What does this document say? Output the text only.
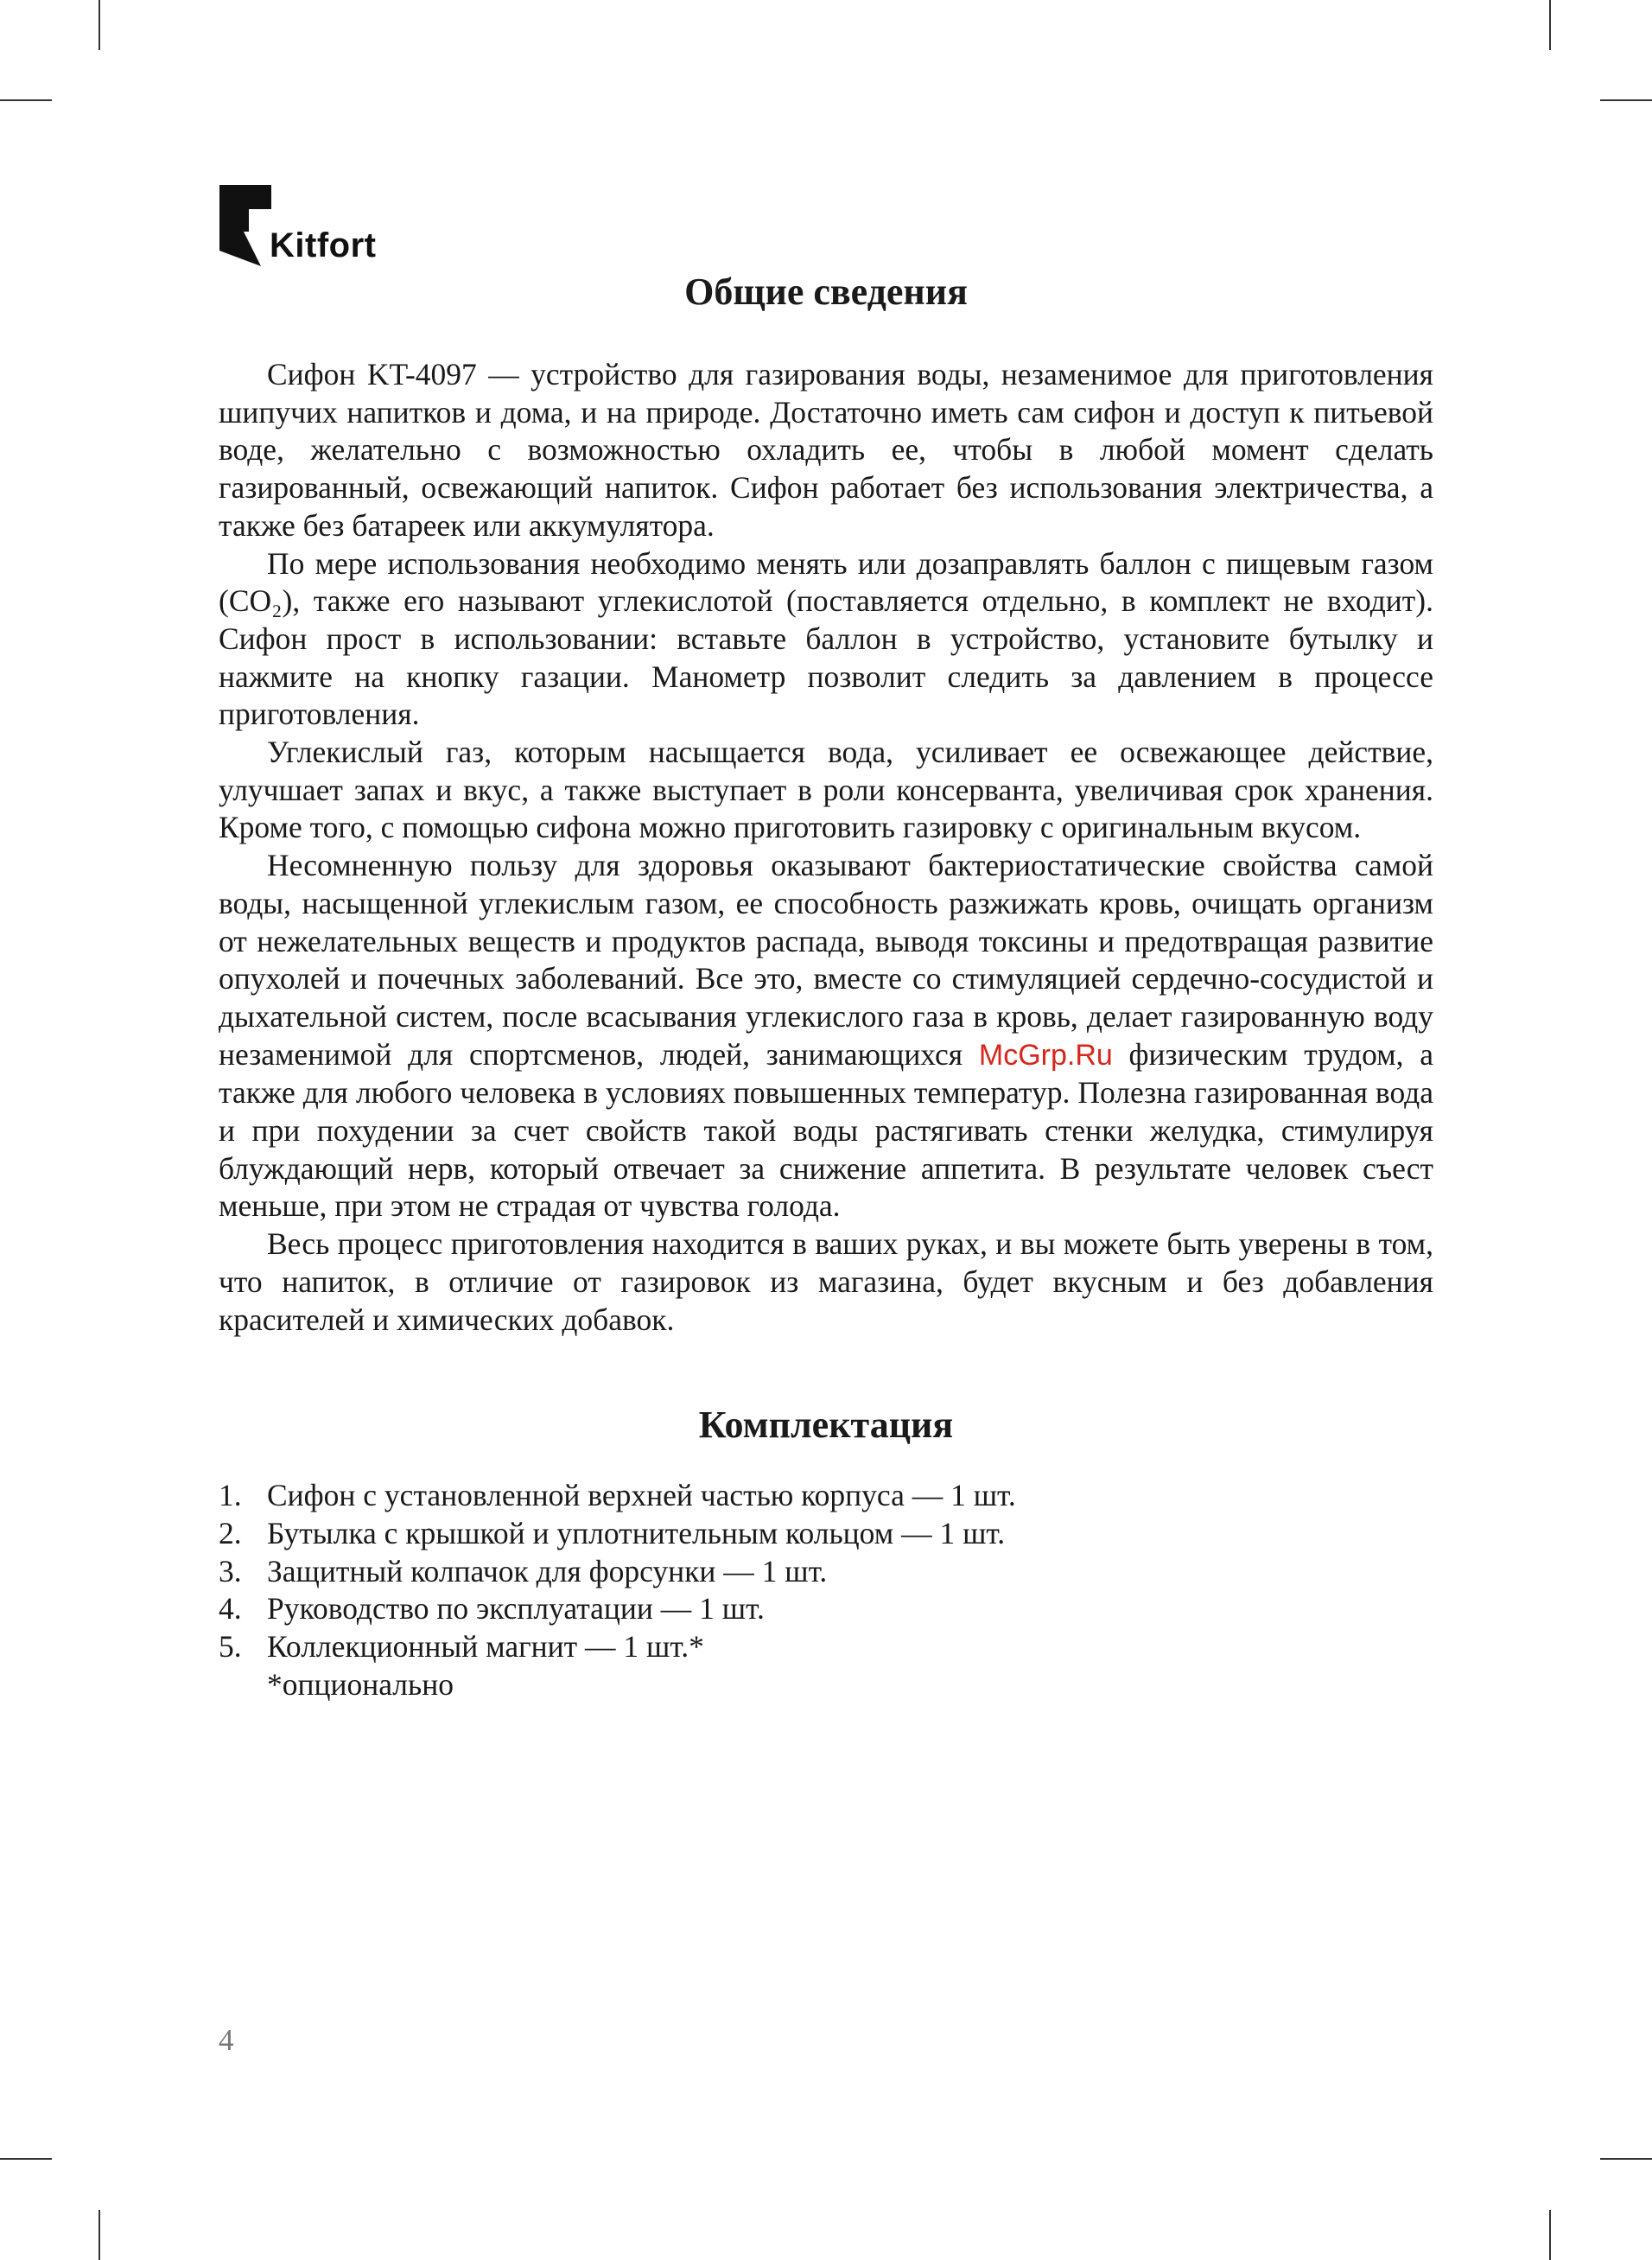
Kitfort
Общие сведения

Сифон KT-4097 — устройство для газирования воды, незаменимое для приготовления шипучих напитков и дома, и на природе. Достаточно иметь сам сифон и доступ к питьевой воде, желательно с возможностью охладить ее, чтобы в любой момент сделать газированный, освежающий напиток. Сифон работает без использования электричества, а также без батареек или аккумулятора.

По мере использования необходимо менять или дозаправлять баллон с пищевым газом (CO₂), также его называют углекислотой (поставляется отдельно, в комплект не входит). Сифон прост в использовании: вставьте баллон в устройство, установите бутылку и нажмите на кнопку газации. Манометр позволит следить за давлением в процессе приготовления.

Углекислый газ, которым насыщается вода, усиливает ее освежающее действие, улучшает запах и вкус, а также выступает в роли консерванта, увеличивая срок хранения. Кроме того, с помощью сифона можно приготовить газировку с оригинальным вкусом.

Несомненную пользу для здоровья оказывают бактериостатические свойства самой воды, насыщенной углекислым газом, ее способность разжижать кровь, очищать организм от нежелательных веществ и продуктов распада, выводя токсины и предотвращая развитие опухолей и почечных заболеваний. Все это, вместе со стимуляцией сердечно-сосудистой и дыхательной систем, после всасывания углекислого газа в кровь, делает газированную воду незаменимой для спортсменов, людей, занимающихся McGrp.Ru физическим трудом, а также для любого человека в условиях повышенных температур. Полезна газированная вода и при похудении за счет свойств такой воды растягивать стенки желудка, стимулируя блуждающий нерв, который отвечает за снижение аппетита. В результате человек съест меньше, при этом не страдая от чувства голода.

Весь процесс приготовления находится в ваших руках, и вы можете быть уверены в том, что напиток, в отличие от газировок из магазина, будет вкусным и без добавления красителей и химических добавок.

Комплектация
1. Сифон с установленной верхней частью корпуса — 1 шт.
2. Бутылка с крышкой и уплотнительным кольцом — 1 шт.
3. Защитный колпачок для форсунки — 1 шт.
4. Руководство по эксплуатации — 1 шт.
5. Коллекционный магнит — 1 шт.*
*опционально
4
